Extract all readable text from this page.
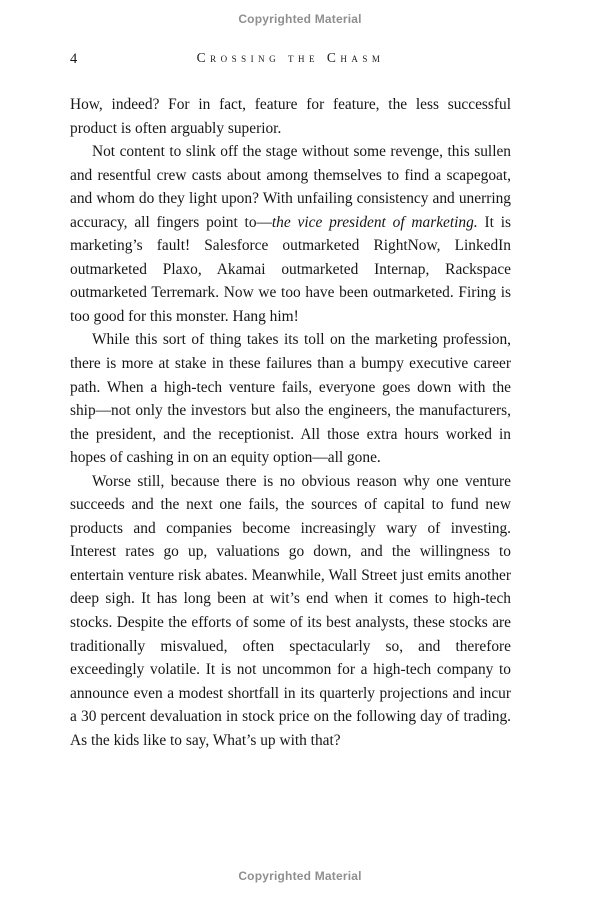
Copyrighted Material
4	Crossing the Chasm

How, indeed? For in fact, feature for feature, the less successful product is often arguably superior.

Not content to slink off the stage without some revenge, this sullen and resentful crew casts about among themselves to find a scapegoat, and whom do they light upon? With unfailing consistency and unerring accuracy, all fingers point to—the vice president of marketing. It is marketing’s fault! Salesforce outmarketed RightNow, LinkedIn outmarketed Plaxo, Akamai outmarketed Internap, Rackspace outmarketed Terremark. Now we too have been outmarketed. Firing is too good for this monster. Hang him!

While this sort of thing takes its toll on the marketing profession, there is more at stake in these failures than a bumpy executive career path. When a high-tech venture fails, everyone goes down with the ship—not only the investors but also the engineers, the manufacturers, the president, and the receptionist. All those extra hours worked in hopes of cashing in on an equity option—all gone.

Worse still, because there is no obvious reason why one venture succeeds and the next one fails, the sources of capital to fund new products and companies become increasingly wary of investing. Interest rates go up, valuations go down, and the willingness to entertain venture risk abates. Meanwhile, Wall Street just emits another deep sigh. It has long been at wit’s end when it comes to high-tech stocks. Despite the efforts of some of its best analysts, these stocks are traditionally misvalued, often spectacularly so, and therefore exceedingly volatile. It is not uncommon for a high-tech company to announce even a modest shortfall in its quarterly projections and incur a 30 percent devaluation in stock price on the following day of trading. As the kids like to say, What’s up with that?

Copyrighted Material
